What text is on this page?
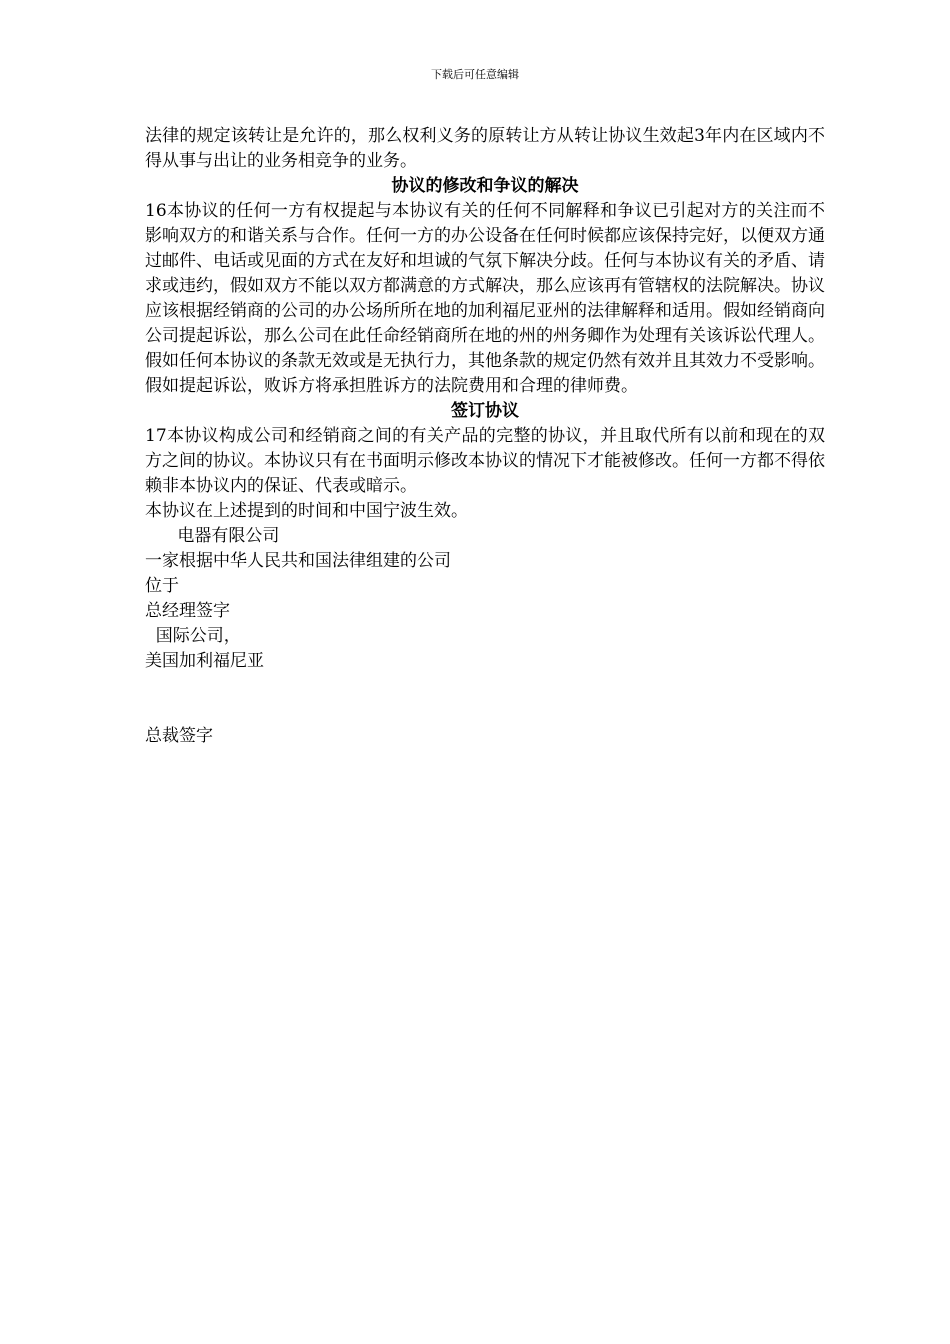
下载后可任意编辑

法律的规定该转让是允许的，那么权利义务的原转让方从转让协议生效起3年内在区域内不得从事与出让的业务相竞争的业务。

协议的修改和争议的解决

16本协议的任何一方有权提起与本协议有关的任何不同解释和争议已引起对方的关注而不影响双方的和谐关系与合作。任何一方的办公设备在任何时候都应该保持完好，以便双方通过邮件、电话或见面的方式在友好和坦诚的气氛下解决分歧。任何与本协议有关的矛盾、请求或违约，假如双方不能以双方都满意的方式解决，那么应该再有管辖权的法院解决。协议应该根据经销商的公司的办公场所所在地的加利福尼亚州的法律解释和适用。假如经销商向公司提起诉讼，那么公司在此任命经销商所在地的州的州务卿作为处理有关该诉讼代理人。假如任何本协议的条款无效或是无执行力，其他条款的规定仍然有效并且其效力不受影响。假如提起诉讼，败诉方将承担胜诉方的法院费用和合理的律师费。

签订协议

17本协议构成公司和经销商之间的有关产品的完整的协议，并且取代所有以前和现在的双方之间的协议。本协议只有在书面明示修改本协议的情况下才能被修改。任何一方都不得依赖非本协议内的保证、代表或暗示。

本协议在上述提到的时间和中国宁波生效。

电器有限公司

一家根据中华人民共和国法律组建的公司

位于

总经理签字

国际公司，

美国加利福尼亚

总裁签字
